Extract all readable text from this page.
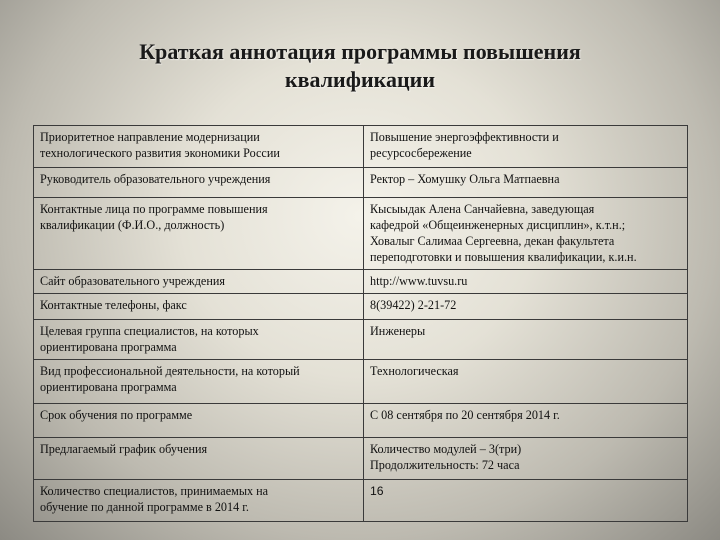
Краткая аннотация программы повышения
квалификации
Приоритетное направление модернизации
технологического развития экономики России	Повышение энергоэффективности и
ресурсосбережение

Руководитель образовательного учреждения	Ректор – Хомушку Ольга Матпаевна

Контактные лица по программе повышения
квалификации (Ф.И.О., должность)	Кысыыдак Алена Санчайевна, заведующая
кафедрой «Общеинженерных дисциплин», к.т.н.;
Ховалыг Салимаа Сергеевна, декан факультета
переподготовки и повышения квалификации, к.и.н.

Сайт образовательного учреждения	http://www.tuvsu.ru

Контактные телефоны, факс	8(39422) 2-21-72

Целевая группа специалистов, на которых
ориентирована программа	Инженеры

Вид профессиональной деятельности, на который
ориентирована программа	Технологическая

Срок обучения по программе	С 08 сентября по 20 сентября 2014 г.

Предлагаемый график обучения	Количество модулей – 3(три)
Продолжительность: 72 часа

Количество специалистов, принимаемых на
обучение по данной программе в 2014 г.	16
